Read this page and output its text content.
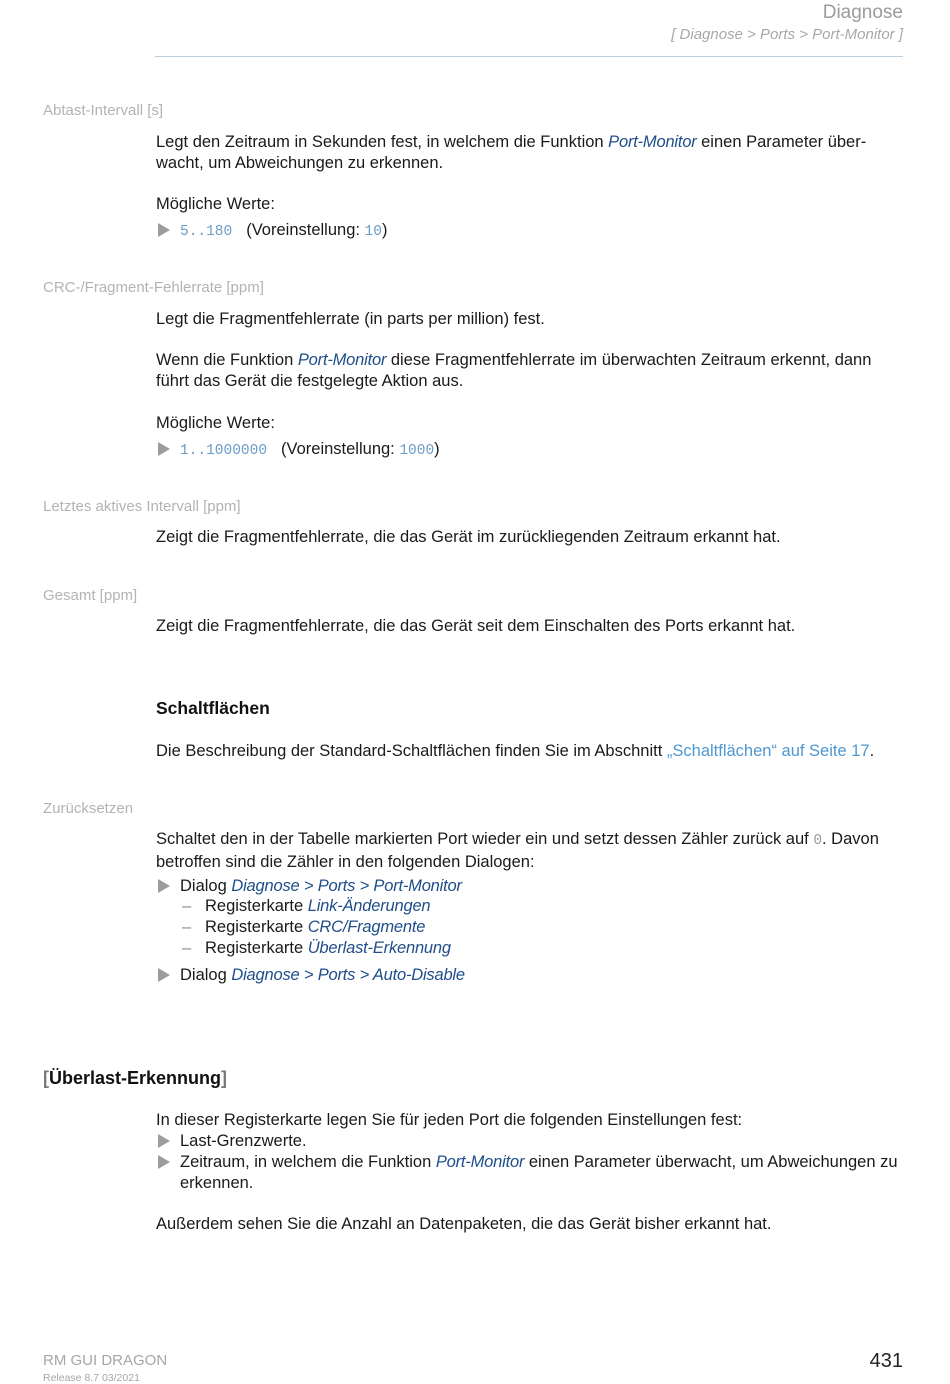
Diagnose
[ Diagnose > Ports > Port-Monitor ]
Abtast-Intervall [s]
Legt den Zeitraum in Sekunden fest, in welchem die Funktion Port-Monitor einen Parameter über-
wacht, um Abweichungen zu erkennen.
Mögliche Werte:
5..180 (Voreinstellung: 10)
CRC-/Fragment-Fehlerrate [ppm]
Legt die Fragmentfehlerrate (in parts per million) fest.
Wenn die Funktion Port-Monitor diese Fragmentfehlerrate im überwachten Zeitraum erkennt, dann führt das Gerät die festgelegte Aktion aus.
Mögliche Werte:
1..1000000 (Voreinstellung: 1000)
Letztes aktives Intervall [ppm]
Zeigt die Fragmentfehlerrate, die das Gerät im zurückliegenden Zeitraum erkannt hat.
Gesamt [ppm]
Zeigt die Fragmentfehlerrate, die das Gerät seit dem Einschalten des Ports erkannt hat.
Schaltflächen
Die Beschreibung der Standard-Schaltflächen finden Sie im Abschnitt „Schaltflächen“ auf Seite 17.
Zurücksetzen
Schaltet den in der Tabelle markierten Port wieder ein und setzt dessen Zähler zurück auf 0. Davon
betroffen sind die Zähler in den folgenden Dialogen:
Dialog Diagnose > Ports > Port-Monitor
– Registerkarte Link-Änderungen
– Registerkarte CRC/Fragmente
– Registerkarte Überlast-Erkennung
Dialog Diagnose > Ports > Auto-Disable
[Überlast-Erkennung]
In dieser Registerkarte legen Sie für jeden Port die folgenden Einstellungen fest:
Last-Grenzwerte.
Zeitraum, in welchem die Funktion Port-Monitor einen Parameter überwacht, um Abweichungen zu erkennen.
Außerdem sehen Sie die Anzahl an Datenpaketen, die das Gerät bisher erkannt hat.
RM GUI DRAGON
Release 8.7 03/2021
431
